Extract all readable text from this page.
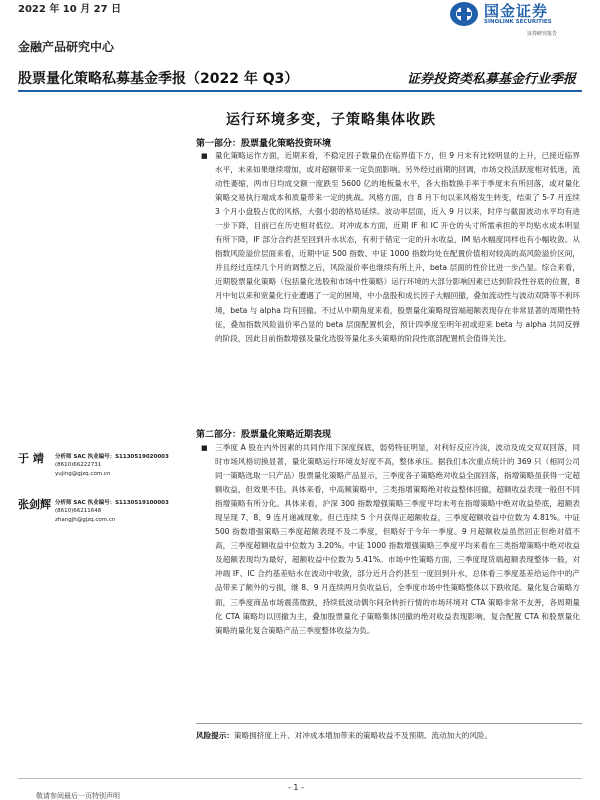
2022 年 10 月 27 日	国金证券
SINOLINK SECURITIES
证券研究报告
金融产品研究中心
股票量化策略私募基金季报（2022 年 Q3）	证券投资类私募基金行业季报
运行环境多变，子策略集体收跌
第一部分：股票量化策略投资环境
■ 量化策略运作方面，近期来看，不稳定因子数量仍在临界值下方，但 9 月末有比较明显的上升，已接近临界水平，未来如果继续增加，或对超额带来一定负面影响。另外经过前期的回调，市场交投活跃度相对低迷，流动性萎缩，两市日均成交额一度跌至 5600 亿的地板量水平，各大指数换手率于季度末有所回落，或对量化策略交易执行端成本和质量带来一定的挑战。风格方面，自 8 月下旬以来风格发生转变，结束了 5-7 月连续 3 个月小盘股占优的风格，大强小弱的格局延续。波动率层面，近入 9 月以来，时序与截面波动水平均有进一步下降，目前已在历史相对低位。对冲成本方面，近期 IF 和 IC 开仓的头寸所需承担的平均贴水成本明显有所下降，IF 部分合约甚至回到升水状态，有利于错定一定的升水收益，IM 贴水幅度同样也有小幅收敛。从指数风险溢价层面来看，近期中证 500 指数、中证 1000 指数均处在配置价值相对较高的高风险溢价区间，并且经过连续几个月的调整之后，风险溢价率也继续有所上升，beta 层面的性价比进一步凸显。综合来看，近期股票量化策略（包括量化选股和市场中性策略）运行环境的大部分影响因素已达到阶段性谷底的位置，8 月中旬以来和宽量化行业遭遇了一定的困境，中小盘股和成长因子大幅回撤，叠加流动性与波动双降等不利环境，beta 与 alpha 均有回撤。不过从中期角度来看，股票量化策略现管端超额表现存在非常显著的周期性特征，叠加指数风险溢价率凸显的 beta 层面配置机会，预计四季度至明年初或迎来 beta 与 alpha 共同反弹的阶段，因此目前指数增强及量化选股等量化多头策略的阶段性底部配置机会值得关注。
第二部分：股票量化策略近期表现
■ 三季度 A 股在内外因素的共同作用下深度探底，弱势特征明显，对利好反应冷淡，波动及成交双双回落，同时市场风格切换显著，量化策略运行环境友好度不高，整体承压。据我们本次重点统计的 369 只（相同公司同一策略选取一只产品）股票量化策略产品显示，三季度各子策略绝对收益全面回落，指增策略虽获得一定超额收益，但效果不佳。具体来看，中高频策略中，三类指增策略绝对收益整体回撤，超额收益表现一般但不同指增策略有所分化。具体来看，沪深 300 指数增强策略三季度平均未考在指增策略中绝对收益垫底，超额表现呈现 7、8、9 连月递减现象。但已连续 5 个月获得正超额收益，三季度超额收益中位数为 4.81%。中证 500 指数增强策略三季度超额表现不及二季度，但略好于今年一季度。9 月超额收益虽然回正但绝对值不高，三季度超额收益中位数为 3.20%。中证 1000 指数增强策略三季度平均来看在三类指增策略中绝对收益及超额表现均为最好，超额收益中位数为 5.41%。市场中性策略方面，三季度现货端超额表现整体一般，对冲端 IF、IC 合约基差贴水在波动中收敛，部分近月合约甚至一度回到升水，总体看三季度基差给运作中的产品带来了额外的亏损，继 8、9 月连续两月负收益后，全季度市场中性策略整体以下跌收尾。量化复合策略方面，三季度商品市场震荡微跌，持续低波动偶尔间杂转折行情的市场环境对 CTA 策略非常不友善，各周期量化 CTA 策略均以回撤为主，叠加股票量化子策略集体回撤的绝对收益表现影响，复合配置 CTA 和股票量化策略的量化复合策略产品三季度整体收益为负。
于 靖 分析师 SAC 执业编号：S1130519020003
(8610)66222731
yujing@gjzq.com.cn
张剑辉 分析师 SAC 执业编号：S1130519100003
(8610)66211648
zhangjh@gjzq.com.cn
风险提示：策略拥挤度上升、对冲成本增加带来的策略收益不及预期、流动加大的风险。
- 1 -
敬请参阅最后一页特别声明
